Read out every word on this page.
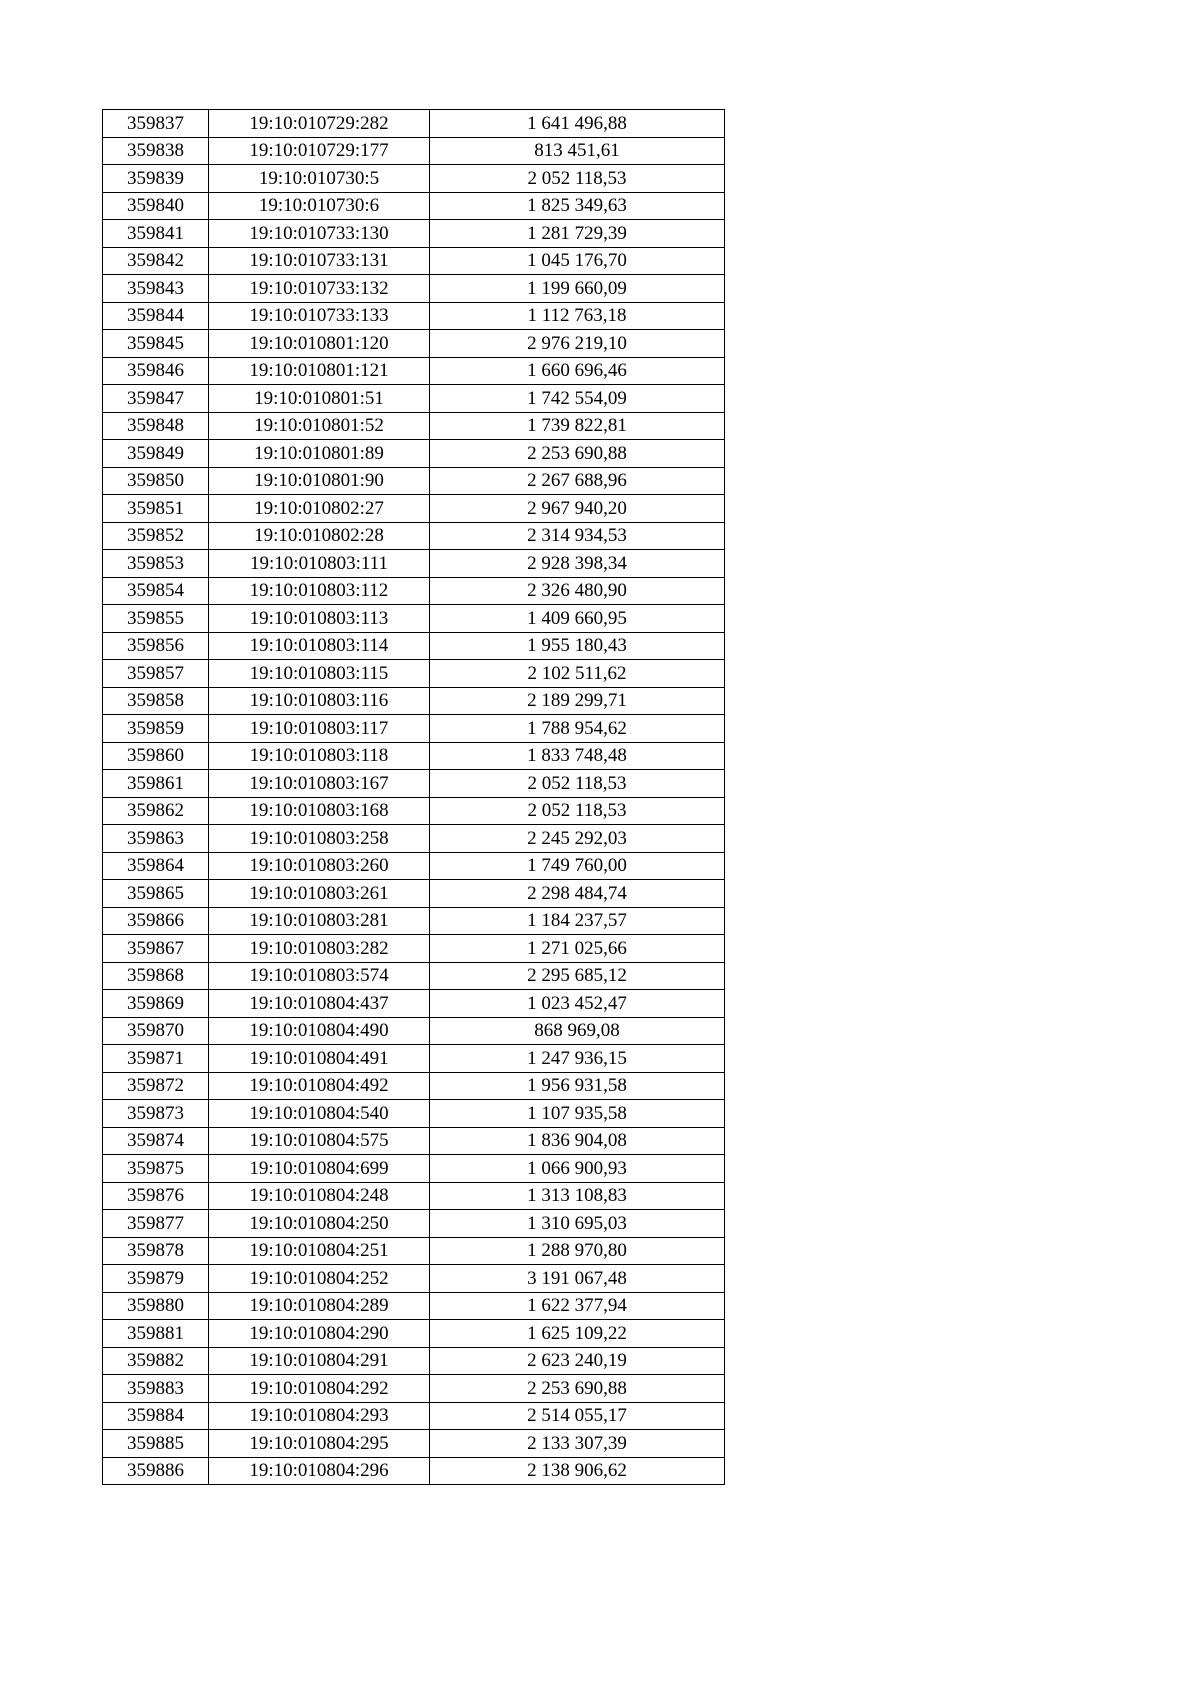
359837	19:10:010729:282	1 641 496,88
359838	19:10:010729:177	813 451,61
359839	19:10:010730:5	2 052 118,53
359840	19:10:010730:6	1 825 349,63
359841	19:10:010733:130	1 281 729,39
359842	19:10:010733:131	1 045 176,70
359843	19:10:010733:132	1 199 660,09
359844	19:10:010733:133	1 112 763,18
359845	19:10:010801:120	2 976 219,10
359846	19:10:010801:121	1 660 696,46
359847	19:10:010801:51	1 742 554,09
359848	19:10:010801:52	1 739 822,81
359849	19:10:010801:89	2 253 690,88
359850	19:10:010801:90	2 267 688,96
359851	19:10:010802:27	2 967 940,20
359852	19:10:010802:28	2 314 934,53
359853	19:10:010803:111	2 928 398,34
359854	19:10:010803:112	2 326 480,90
359855	19:10:010803:113	1 409 660,95
359856	19:10:010803:114	1 955 180,43
359857	19:10:010803:115	2 102 511,62
359858	19:10:010803:116	2 189 299,71
359859	19:10:010803:117	1 788 954,62
359860	19:10:010803:118	1 833 748,48
359861	19:10:010803:167	2 052 118,53
359862	19:10:010803:168	2 052 118,53
359863	19:10:010803:258	2 245 292,03
359864	19:10:010803:260	1 749 760,00
359865	19:10:010803:261	2 298 484,74
359866	19:10:010803:281	1 184 237,57
359867	19:10:010803:282	1 271 025,66
359868	19:10:010803:574	2 295 685,12
359869	19:10:010804:437	1 023 452,47
359870	19:10:010804:490	868 969,08
359871	19:10:010804:491	1 247 936,15
359872	19:10:010804:492	1 956 931,58
359873	19:10:010804:540	1 107 935,58
359874	19:10:010804:575	1 836 904,08
359875	19:10:010804:699	1 066 900,93
359876	19:10:010804:248	1 313 108,83
359877	19:10:010804:250	1 310 695,03
359878	19:10:010804:251	1 288 970,80
359879	19:10:010804:252	3 191 067,48
359880	19:10:010804:289	1 622 377,94
359881	19:10:010804:290	1 625 109,22
359882	19:10:010804:291	2 623 240,19
359883	19:10:010804:292	2 253 690,88
359884	19:10:010804:293	2 514 055,17
359885	19:10:010804:295	2 133 307,39
359886	19:10:010804:296	2 138 906,62
